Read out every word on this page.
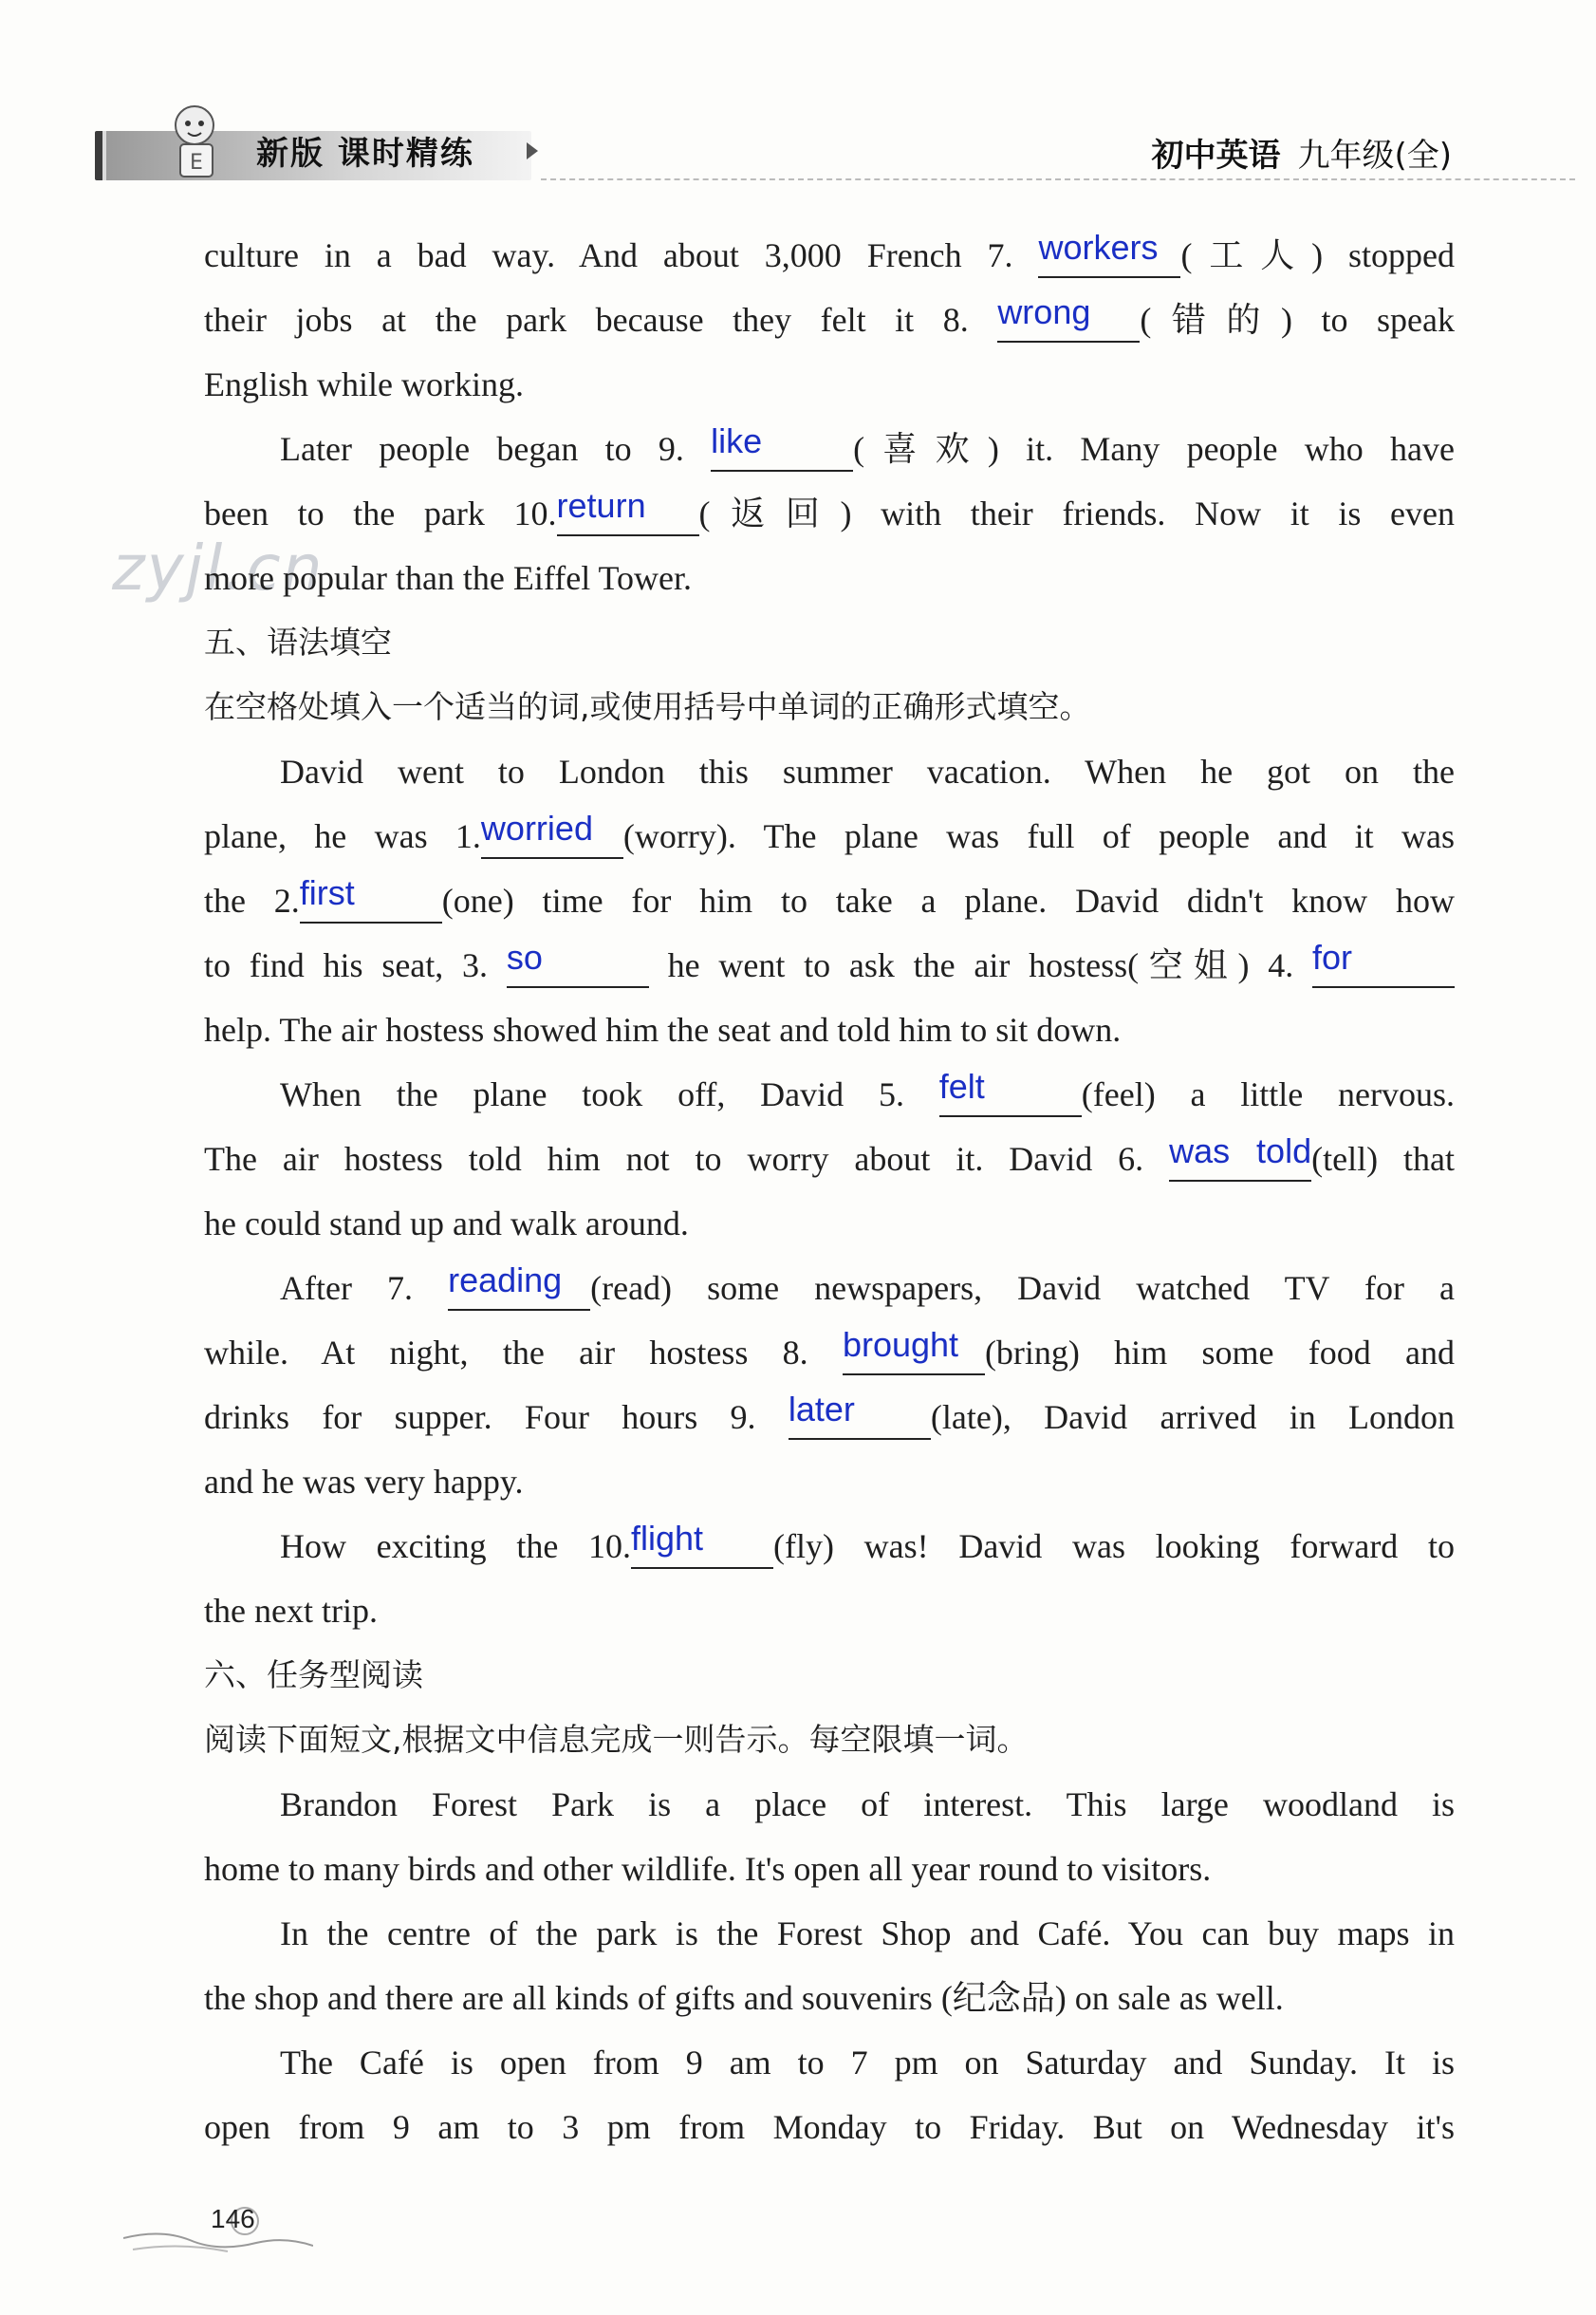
E 新版 课时精练	初中英语 九年级(全)
zyjl.cn

culture in a bad way. And about 3,000 French 7. workers (工人) stopped

their jobs at the park because they felt it 8. wrong (错的) to speak

English while working.

Later people began to 9. like	(喜欢) it. Many people who have

been to the park 10.return (返回) with their friends. Now it is even

more popular than the Eiffel Tower.

五、语法填空

在空格处填入一个适当的词,或使用括号中单词的正确形式填空。

David went to London this summer vacation. When he got on the

plane, he was 1.worried (worry). The plane was full of people and it was

the 2.first	(one) time for him to take a plane. David didn't know how

to find his seat, 3. so	he went to ask the air hostess(空姐) 4. for

help. The air hostess showed him the seat and told him to sit down.

When the plane took off, David 5. felt	(feel) a little nervous.

The air hostess told him not to worry about it. David 6. was told(tell) that

he could stand up and walk around.

After 7. reading (read) some newspapers, David watched TV for a

while. At night, the air hostess 8. brought (bring) him some food and

drinks for supper. Four hours 9. later (late), David arrived in London

and he was very happy.

How exciting the 10.flight (fly) was! David was looking forward to

the next trip.

六、任务型阅读

阅读下面短文,根据文中信息完成一则告示。每空限填一词。

Brandon Forest Park is a place of interest. This large woodland is

home to many birds and other wildlife. It's open all year round to visitors.

In the centre of the park is the Forest Shop and Café. You can buy maps in

the shop and there are all kinds of gifts and souvenirs (纪念品) on sale as well.

The Café is open from 9 am to 7 pm on Saturday and Sunday. It is

open from 9 am to 3 pm from Monday to Friday. But on Wednesday it's

146
